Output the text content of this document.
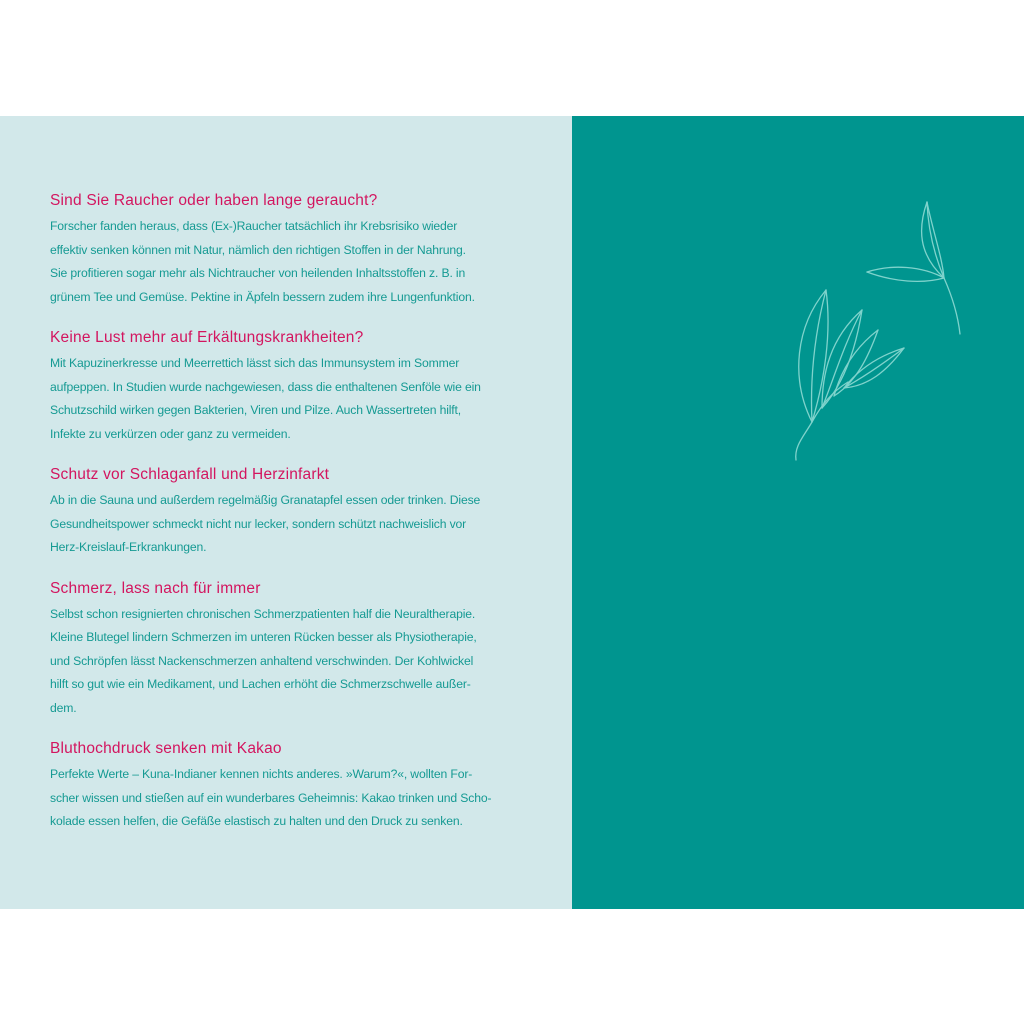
Sind Sie Raucher oder haben lange geraucht?
Forscher fanden heraus, dass (Ex-)Raucher tatsächlich ihr Krebsrisiko wieder
effektiv senken können mit Natur, nämlich den richtigen Stoffen in der Nahrung.
Sie profitieren sogar mehr als Nichtraucher von heilenden Inhaltsstoffen z. B. in
grünem Tee und Gemüse. Pektine in Äpfeln bessern zudem ihre Lungenfunktion.
Keine Lust mehr auf Erkältungskrankheiten?
Mit Kapuzinerkresse und Meerrettich lässt sich das Immunsystem im Sommer
aufpeppen. In Studien wurde nachgewiesen, dass die enthaltenen Senföle wie ein
Schutzschild wirken gegen Bakterien, Viren und Pilze. Auch Wassertreten hilft,
Infekte zu verkürzen oder ganz zu vermeiden.
Schutz vor Schlaganfall und Herzinfarkt
Ab in die Sauna und außerdem regelmäßig Granatapfel essen oder trinken. Diese
Gesundheitspower schmeckt nicht nur lecker, sondern schützt nachweislich vor
Herz-Kreislauf-Erkrankungen.
Schmerz, lass nach für immer
Selbst schon resignierten chronischen Schmerzpatienten half die Neuraltherapie.
Kleine Blutegel lindern Schmerzen im unteren Rücken besser als Physiotherapie,
und Schröpfen lässt Nackenschmerzen anhaltend verschwinden. Der Kohlwickel
hilft so gut wie ein Medikament, und Lachen erhöht die Schmerzschwelle außer-
dem.
Bluthochdruck senken mit Kakao
Perfekte Werte – Kuna-Indianer kennen nichts anderes. »Warum?«, wollten For-
scher wissen und stießen auf ein wunderbares Geheimnis: Kakao trinken und Scho-
kolade essen helfen, die Gefäße elastisch zu halten und den Druck zu senken.
